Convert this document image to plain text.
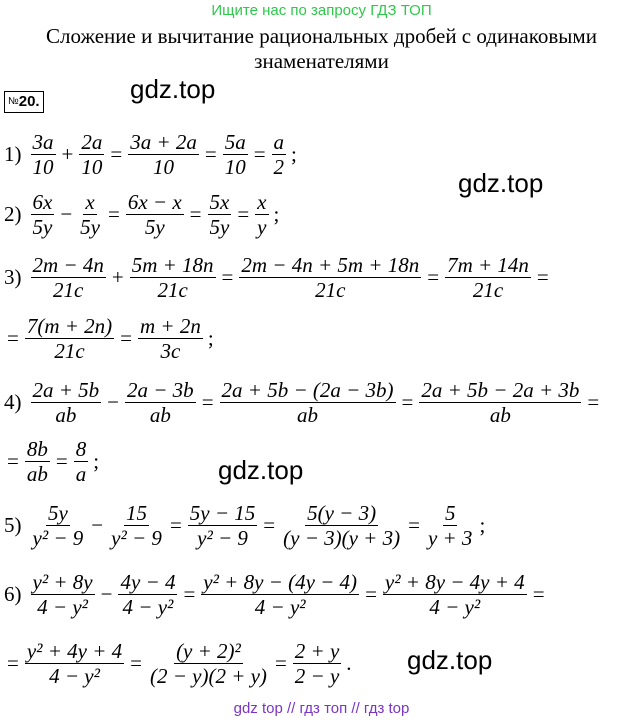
Ищите нас по запросу ГДЗ ТОП
Сложение и вычитание рациональных дробей с одинаковыми
знаменателями
№20.	gdz.top
gdz.top
gdz.top
gdz.top
$1) \frac{3a}{10} + \frac{2a}{10} = \frac{3a + 2a}{10} = \frac{5a}{10} = \frac{a}{2}$ ;
$2) \frac{6x}{5y} - \frac{x}{5y} = \frac{6x - x}{5y} = \frac{5x}{5y} = \frac{x}{y}$ ;
$3) \frac{2m - 4n}{21c} + \frac{5m + 18n}{21c} = \frac{2m - 4n + 5m + 18n}{21c} = \frac{7m + 14n}{21c}$ =
= $\frac{7(m + 2n)}{21c} = \frac{m + 2n}{3c}$ ;
$4) \frac{2a + 5b}{ab} - \frac{2a - 3b}{ab} = \frac{2a + 5b - (2a - 3b)}{ab} = \frac{2a + 5b - 2a + 3b}{ab}$ =
= $\frac{8b}{ab} = \frac{8}{a}$ ;
$5) \frac{5y}{\text{y² − 9}} - \frac{15}{\text{y² − 9}} = \frac{5y - 15}{\text{y² − 9}} = \frac{5(y - 3)}{(y - 3)(y + 3)} = \frac{5}{y + 3}$ ;
$6) \frac{\text{y² + 8y}}{\text{4 − y²}} - \frac{4y - 4}{\text{4 − y²}} = \frac{\text{y² + 8y − (4y − 4)}}{\text{4 − y²}} = \frac{\text{y² + 8y − 4y + 4}}{\text{4 − y²}}$ =
= $\frac{\text{y² + 4y + 4}}{\text{4 − y²}} = \frac{\text{(y + 2)²}}{(2 - y)(2 + y)} = \frac{2 + y}{2 - y}$ .
gdz top // гдз топ // гдз top
